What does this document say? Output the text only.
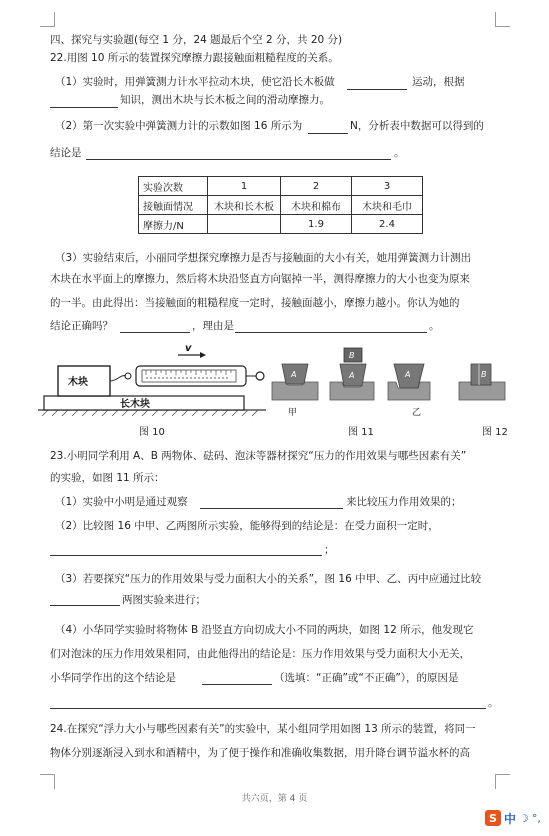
四、探究与实验题(每空 1 分，24 题最后个空 2 分，共 20 分)
22.用图 10 所示的装置探究摩擦力跟接触面粗糙程度的关系。
（1）实验时，用弹簧测力计水平拉动木块，使它沿长木板做	运动，根据
知识，测出木块与长木板之间的滑动摩擦力。
（2）第一次实验中弹簧测力计的示数如图 16 所示为	N，分析表中数据可以得到的
结论是	。
实验次数	1	2	3
接触面情况	木块和长木板	木块和棉布	木块和毛巾
摩擦力/N		1.9	2.4
（3）实验结束后，小丽同学想探究摩擦力是否与接触面的大小有关，她用弹簧测力计测出
木块在水平面上的摩擦力，然后将木块沿竖直方向锯掉一半，测得摩擦力的大小也变为原来
的一半。由此得出：当接触面的粗糙程度一定时，接触面越小，摩擦力越小。你认为她的
结论正确吗？	，理由是	。
木块
长木块
v
图 10
A
B
A	A
甲
图 11
乙
B
图 12
23.小明同学利用 A、B 两物体、砝码、泡沫等器材探究“压力的作用效果与哪些因素有关”
的实验，如图 11 所示：
（1）实验中小明是通过观察	来比较压力作用效果的；
（2）比较图 16 中甲、乙两图所示实验，能够得到的结论是：在受力面积一定时，
；
（3）若要探究“压力的作用效果与受力面积大小的关系”，图 16 中甲、乙、丙中应通过比较
两图实验来进行；
（4）小华同学实验时将物体 B 沿竖直方向切成大小不同的两块，如图 12 所示，他发现它
们对泡沫的压力作用效果相同，由此他得出的结论是：压力作用效果与受力面积大小无关，
小华同学作出的这个结论是	（选填：“正确”或“不正确”），的原因是
。
24.在探究“浮力大小与哪些因素有关”的实验中，某小组同学用如图 13 所示的装置，将同一
物体分别逐渐浸入到水和酒精中，为了便于操作和准确收集数据，用升降台调节溢水杯的高
共六页，第 4 页
S 中 ☽ °,
